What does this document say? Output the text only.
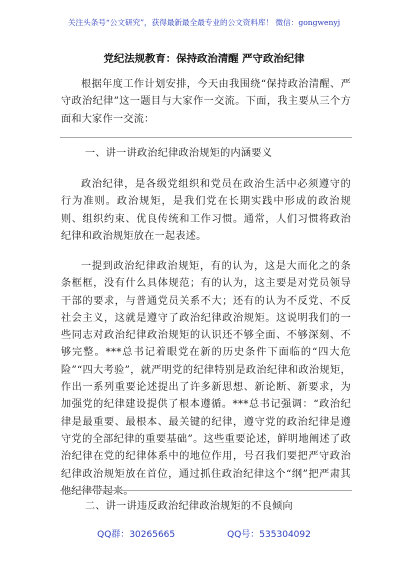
关注头条号“公文研究”，获得最新最全最专业的公文资料库！ 微信：gongwenyj
党纪法规教育：保持政治清醒 严守政治纪律
根据年度工作计划安排，今天由我围绕“保持政治清醒、严守政治纪律”这一题目与大家作一交流。下面，我主要从三个方面和大家作一交流：
一、讲一讲政治纪律政治规矩的内涵要义
政治纪律，是各级党组织和党员在政治生活中必须遵守的行为准则。政治规矩，是我们党在长期实践中形成的政治规则、组织约束、优良传统和工作习惯。通常，人们习惯将政治纪律和政治规矩放在一起表述。
一提到政治纪律政治规矩，有的认为，这是大而化之的条条框框，没有什么具体规范；有的认为，这主要是对党员领导干部的要求，与普通党员关系不大；还有的认为不反党、不反社会主义，这就是遵守了政治纪律政治规矩。这说明我们的一些同志对政治纪律政治规矩的认识还不够全面、不够深刻、不够完整。***总书记着眼党在新的历史条件下面临的“四大危险”“四大考验”，就严明党的纪律特别是政治纪律和政治规矩，作出一系列重要论述提出了许多新思想、新论断、新要求，为加强党的纪律建设提供了根本遵循。***总书记强调：“政治纪律是最重要、最根本、最关键的纪律，遵守党的政治纪律是遵守党的全部纪律的重要基础”。这些重要论述，鲜明地阐述了政治纪律在党的纪律体系中的地位作用，号召我们要把严守政治纪律政治规矩放在首位，通过抓住政治纪律这个“纲”把严肃其他纪律带起来。
二、讲一讲违反政治纪律政治规矩的不良倾向
QQ群：30265665	QQ号：535304092
